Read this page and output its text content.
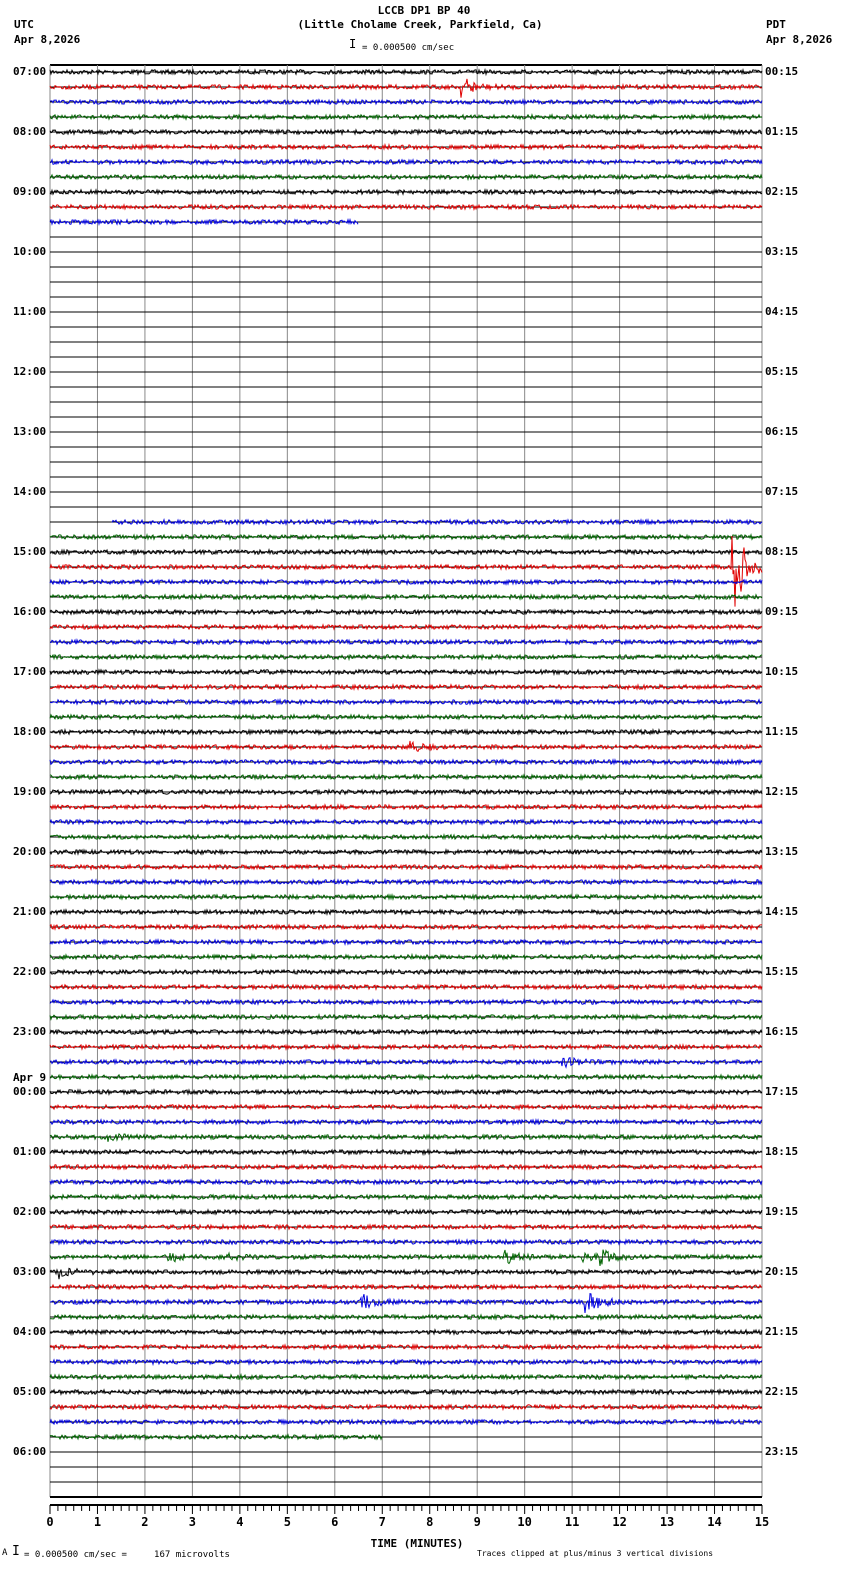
LCCB DP1 BP 40
(Little Cholame Creek, Parkfield, Ca)
UTC
Apr 8,2026
PDT
Apr 8,2026
I = 0.000500 cm/sec
A I = 0.000500 cm/sec =     167 microvolts	Traces clipped at plus/minus 3 vertical divisions
TIME (MINUTES)
0	1	2	3	4	5	6	7	8	9	10	11	12	13	14	15
07:00	00:15
08:00	01:15
09:00	02:15
10:00	03:15
11:00	04:15
12:00	05:15
13:00	06:15
14:00	07:15
15:00	08:15
16:00	09:15
17:00	10:15
18:00	11:15
19:00	12:15
20:00	13:15
21:00	14:15
22:00	15:15
23:00	16:15
00:00	17:15
Apr 9
01:00	18:15
02:00	19:15
03:00	20:15
04:00	21:15
05:00	22:15
06:00	23:15
